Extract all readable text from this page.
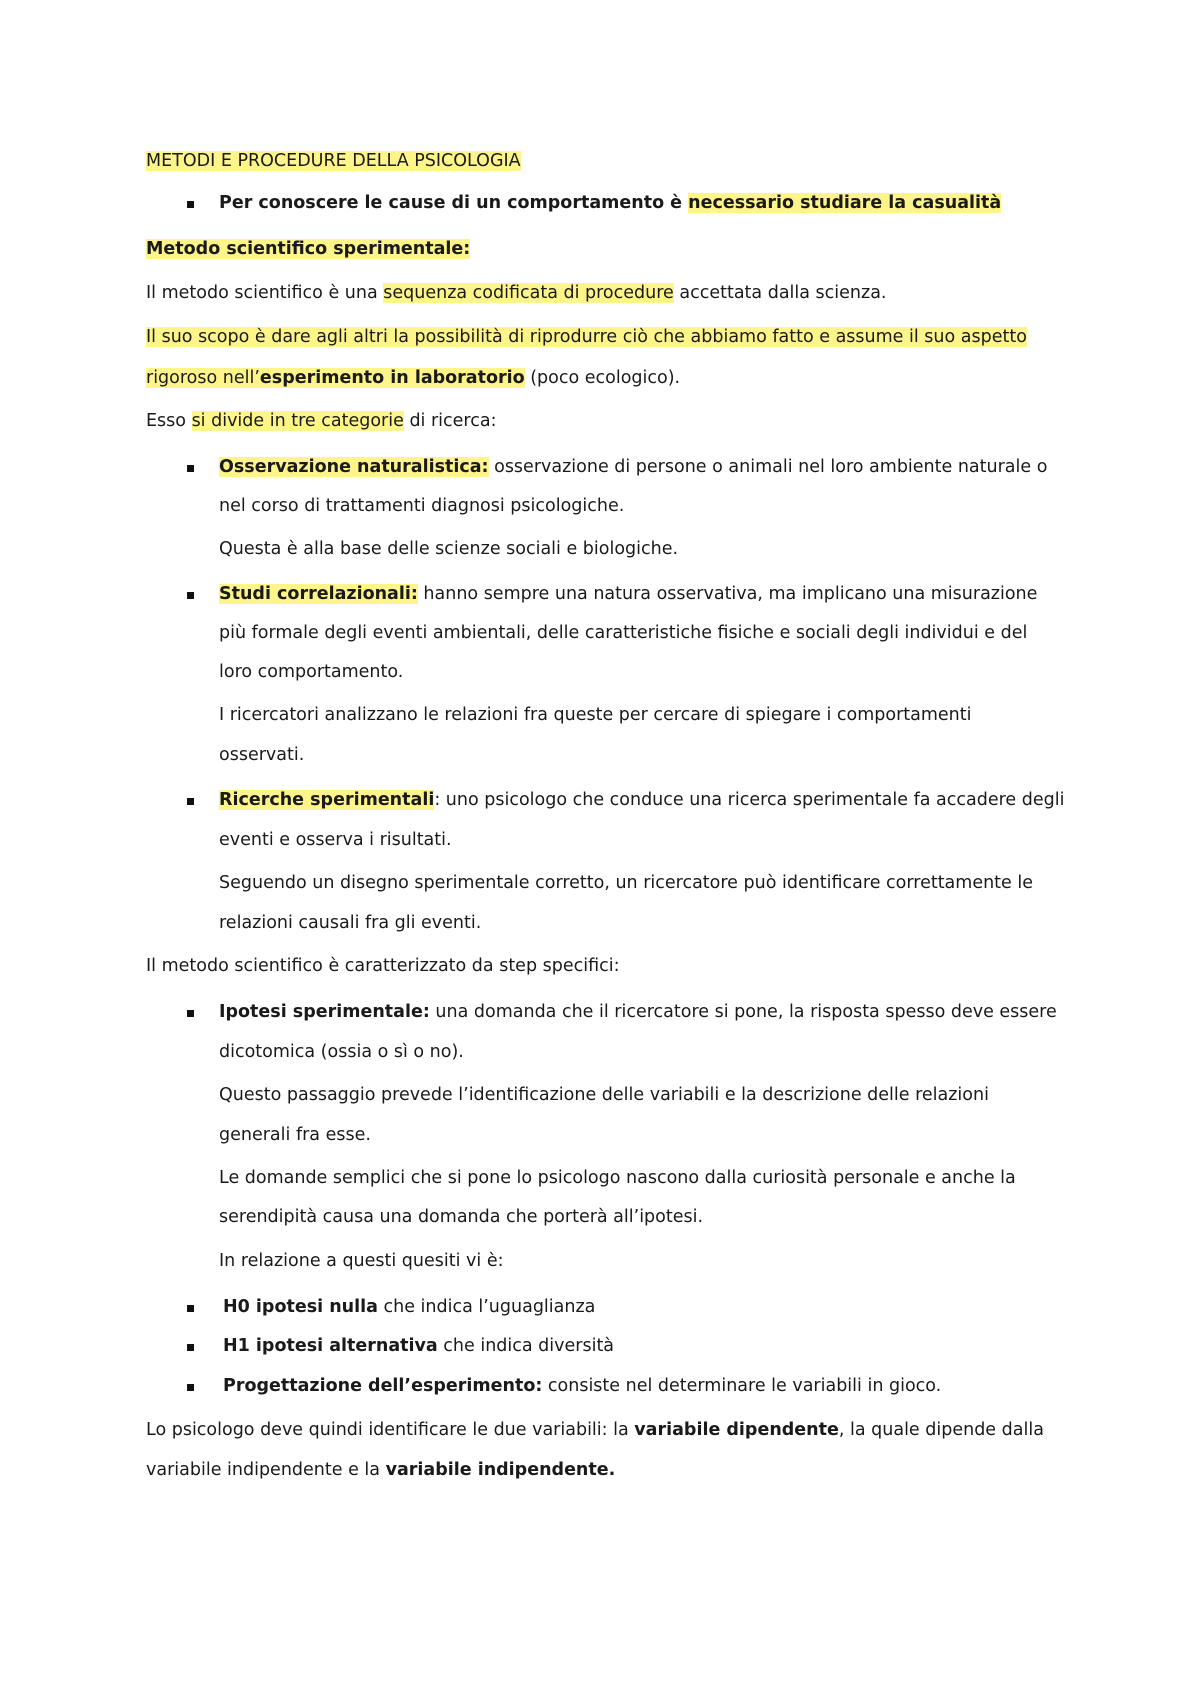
METODI E PROCEDURE DELLA PSICOLOGIA
Per conoscere le cause di un comportamento è necessario studiare la casualità
Metodo scientifico sperimentale:
Il metodo scientifico è una sequenza codificata di procedure accettata dalla scienza.
Il suo scopo è dare agli altri la possibilità di riprodurre ciò che abbiamo fatto e assume il suo aspetto
rigoroso nell’esperimento in laboratorio (poco ecologico).
Esso si divide in tre categorie di ricerca:
Osservazione naturalistica: osservazione di persone o animali nel loro ambiente naturale o
nel corso di trattamenti diagnosi psicologiche.
Questa è alla base delle scienze sociali e biologiche.
Studi correlazionali: hanno sempre una natura osservativa, ma implicano una misurazione
più formale degli eventi ambientali, delle caratteristiche fisiche e sociali degli individui e del
loro comportamento.
I ricercatori analizzano le relazioni fra queste per cercare di spiegare i comportamenti
osservati.
Ricerche sperimentali: uno psicologo che conduce una ricerca sperimentale fa accadere degli
eventi e osserva i risultati.
Seguendo un disegno sperimentale corretto, un ricercatore può identificare correttamente le
relazioni causali fra gli eventi.
Il metodo scientifico è caratterizzato da step specifici:
Ipotesi sperimentale: una domanda che il ricercatore si pone, la risposta spesso deve essere
dicotomica (ossia o sì o no).
Questo passaggio prevede l’identificazione delle variabili e la descrizione delle relazioni
generali fra esse.
Le domande semplici che si pone lo psicologo nascono dalla curiosità personale e anche la
serendipità causa una domanda che porterà all’ipotesi.
In relazione a questi quesiti vi è:
H0 ipotesi nulla che indica l’uguaglianza
H1 ipotesi alternativa che indica diversità
Progettazione dell’esperimento: consiste nel determinare le variabili in gioco.
Lo psicologo deve quindi identificare le due variabili: la variabile dipendente, la quale dipende dalla
variabile indipendente e la variabile indipendente.
